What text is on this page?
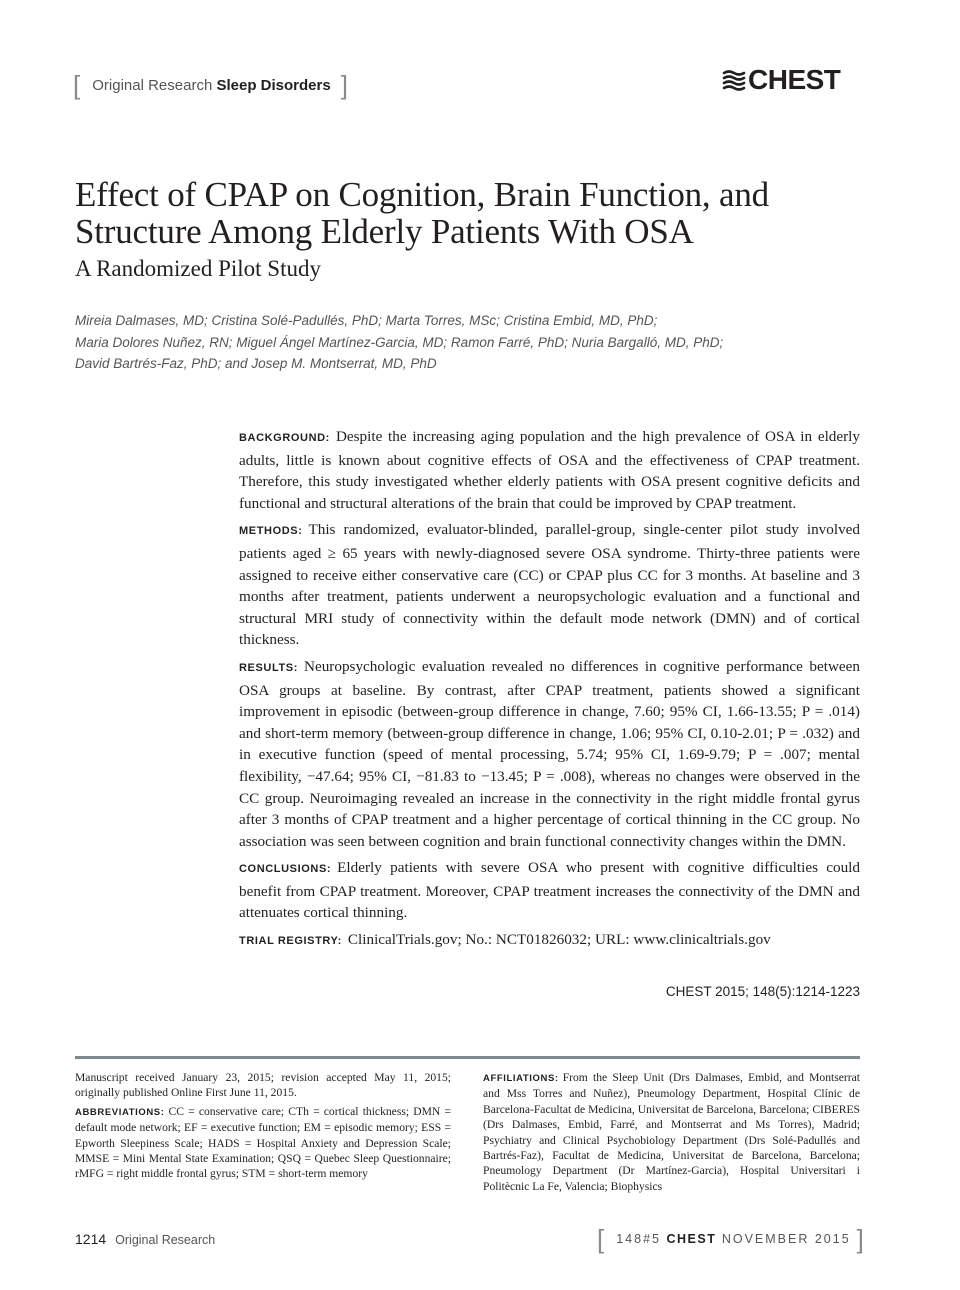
[ Original Research Sleep Disorders ]	CHEST
Effect of CPAP on Cognition, Brain Function, and Structure Among Elderly Patients With OSA
A Randomized Pilot Study
Mireia Dalmases, MD; Cristina Solé-Padullés, PhD; Marta Torres, MSc; Cristina Embid, MD, PhD;
Maria Dolores Nuñez, RN; Miguel Ángel Martínez-Garcia, MD; Ramon Farré, PhD; Nuria Bargalló, MD, PhD;
David Bartrés-Faz, PhD; and Josep M. Montserrat, MD, PhD

BACKGROUND: Despite the increasing aging population and the high prevalence of OSA in elderly adults, little is known about cognitive effects of OSA and the effectiveness of CPAP treatment. Therefore, this study investigated whether elderly patients with OSA present cognitive deficits and functional and structural alterations of the brain that could be improved by CPAP treatment.

METHODS: This randomized, evaluator-blinded, parallel-group, single-center pilot study involved patients aged ≥ 65 years with newly-diagnosed severe OSA syndrome. Thirty-three patients were assigned to receive either conservative care (CC) or CPAP plus CC for 3 months. At baseline and 3 months after treatment, patients underwent a neuropsychologic evaluation and a functional and structural MRI study of connectivity within the default mode network (DMN) and of cortical thickness.

RESULTS: Neuropsychologic evaluation revealed no differences in cognitive performance between OSA groups at baseline. By contrast, after CPAP treatment, patients showed a significant improvement in episodic (between-group difference in change, 7.60; 95% CI, 1.66-13.55; P = .014) and short-term memory (between-group difference in change, 1.06; 95% CI, 0.10-2.01; P = .032) and in executive function (speed of mental processing, 5.74; 95% CI, 1.69-9.79; P = .007; mental flexibility, −47.64; 95% CI, −81.83 to −13.45; P = .008), whereas no changes were observed in the CC group. Neuroimaging revealed an increase in the connectivity in the right middle frontal gyrus after 3 months of CPAP treatment and a higher percentage of cortical thinning in the CC group. No association was seen between cognition and brain functional connectivity changes within the DMN.

CONCLUSIONS: Elderly patients with severe OSA who present with cognitive difficulties could benefit from CPAP treatment. Moreover, CPAP treatment increases the connectivity of the DMN and attenuates cortical thinning.

TRIAL REGISTRY: ClinicalTrials.gov; No.: NCT01826032; URL: www.clinicaltrials.gov

CHEST 2015; 148(5):1214-1223

Manuscript received January 23, 2015; revision accepted May 11, 2015; originally published Online First June 11, 2015.

ABBREVIATIONS: CC = conservative care; CTh = cortical thickness; DMN = default mode network; EF = executive function; EM = episodic memory; ESS = Epworth Sleepiness Scale; HADS = Hospital Anxiety and Depression Scale; MMSE = Mini Mental State Examination; QSQ = Quebec Sleep Questionnaire; rMFG = right middle frontal gyrus; STM = short-term memory

AFFILIATIONS: From the Sleep Unit (Drs Dalmases, Embid, and Montserrat and Mss Torres and Nuñez), Pneumology Department, Hospital Clínic de Barcelona-Facultat de Medicina, Universitat de Barcelona, Barcelona; CIBERES (Drs Dalmases, Embid, Farré, and Montserrat and Ms Torres), Madrid; Psychiatry and Clinical Psychobiology Department (Drs Solé-Padullés and Bartrés-Faz), Facultat de Medicina, Universitat de Barcelona, Barcelona; Pneumology Department (Dr Martínez-Garcia), Hospital Universitari i Politècnic La Fe, Valencia; Biophysics

1214 Original Research	[ 148#5 CHEST NOVEMBER 2015 ]
